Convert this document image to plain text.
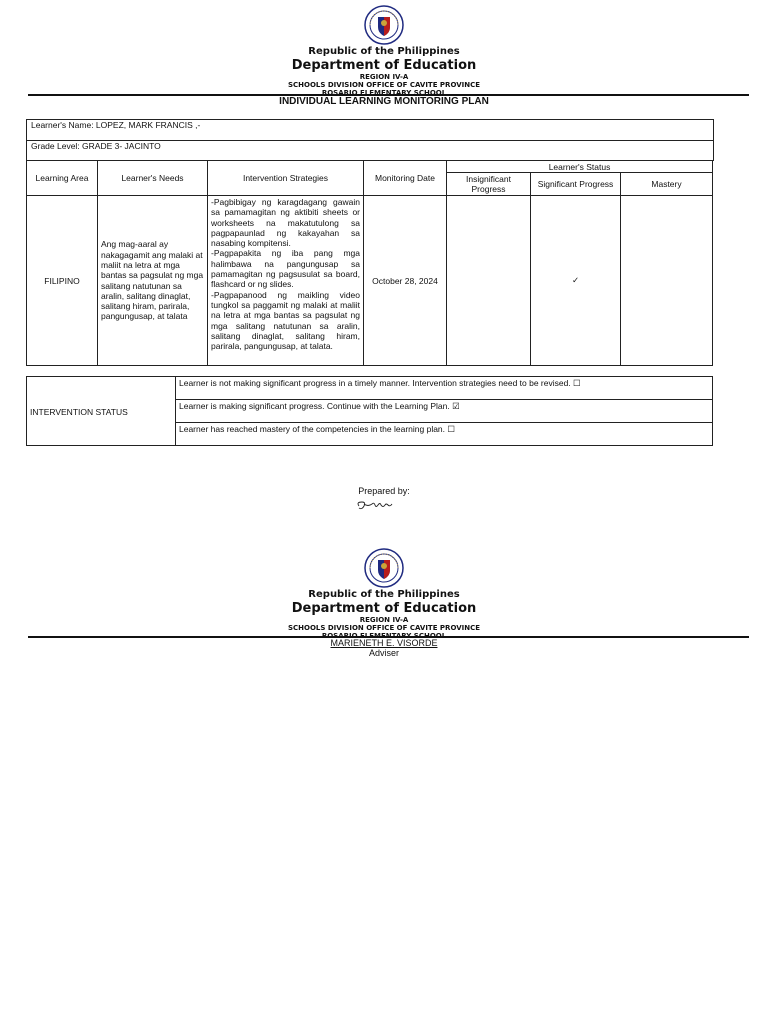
Republic of the Philippines
Department of Education
REGION IV-A
SCHOOLS DIVISION OFFICE OF CAVITE PROVINCE
ROSARIO ELEMENTARY SCHOOL
INDIVIDUAL LEARNING MONITORING PLAN
Learner's Name: LOPEZ, MARK FRANCIS ,-
Grade Level: GRADE 3- JACINTO
Learning Area	Learner's Needs	Intervention Strategies	Monitoring Date	Learner's Status		
				Insignificant Progress	Significant Progress	Mastery
FILIPINO	Ang mag-aaral ay nakagagamit ang malaki at maliit na letra at mga bantas sa pagsulat ng mga salitang natutunan sa aralin, salitang dinaglat, salitang hiram, parirala, pangungusap, at talata	-Pagbibigay ng karagdagang gawain sa pamamagitan ng aktibiti sheets or worksheets na makatutulong sa pagpapaunlad ng kakayahan sa nasabing kompitensi.
-Pagpapakita ng iba pang mga halimbawa na pangungusap sa pamamagitan ng pagsusulat sa board, flashcard or ng slides.
-Pagpapanood ng maikling video tungkol sa paggamit ng malaki at maliit na letra at mga bantas sa pagsulat ng mga salitang natutunan sa aralin, salitang dinaglat, salitang hiram, parirala, pangungusap, at talata.	October 28, 2024		✓	
INTERVENTION STATUS	Learner is not making significant progress in a timely manner. Intervention strategies need to be revised. ☐
Learner is making significant progress. Continue with the Learning Plan. ☑
Learner has reached mastery of the competencies in the learning plan. ☐
Prepared by:
Republic of the Philippines
Department of Education
REGION IV-A
SCHOOLS DIVISION OFFICE OF CAVITE PROVINCE
ROSARIO ELEMENTARY SCHOOL
MARIENETH E. VISORDE
Adviser
